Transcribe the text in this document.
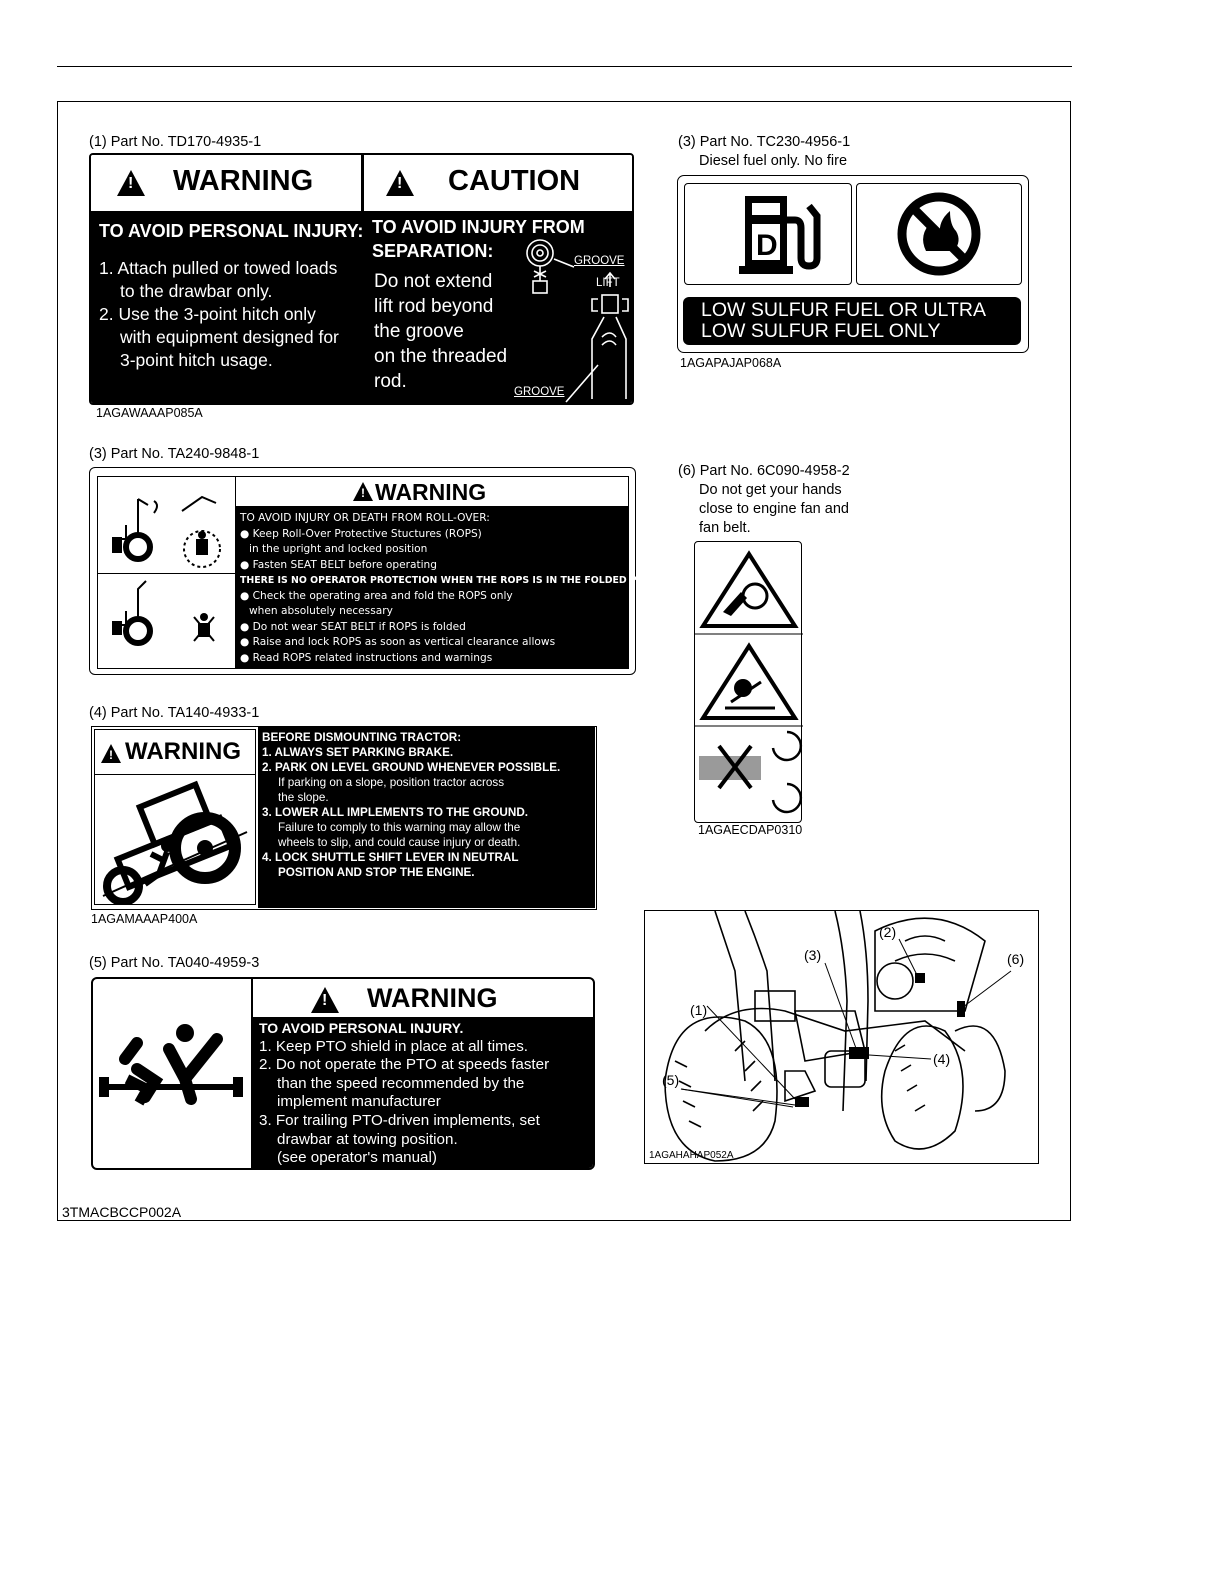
(1) Part No. TD170-4935-1
!
WARNING
!	CAUTION
TO AVOID PERSONAL INJURY:
1. Attach pulled or towed loads
to the drawbar only.
2. Use the 3-point hitch only
with equipment designed for
3-point hitch usage.
TO AVOID INJURY FROM
SEPARATION:
Do not extend
lift rod beyond
the groove
on the threaded
rod.
GROOVE
LIFT
GROOVE
1AGAWAAAP085A
(3) Part No. TC230-4956-1
Diesel fuel only. No fire
D
LOW SULFUR FUEL OR ULTRA
LOW SULFUR FUEL ONLY
1AGAPAJAP068A
(3) Part No. TA240-9848-1
!
WARNING
TO AVOID INJURY OR DEATH FROM ROLL-OVER:
● Keep Roll-Over Protective Stuctures (ROPS)
in the upright and locked position
● Fasten SEAT BELT before operating
THERE IS NO OPERATOR PROTECTION WHEN THE ROPS IS IN THE FOLDED POSITION:
● Check the operating area and fold the ROPS only
when absolutely necessary
● Do not wear SEAT BELT if ROPS is folded
● Raise and lock ROPS as soon as vertical clearance allows
● Read ROPS related instructions and warnings
(6) Part No. 6C090-4958-2
Do not get your hands
close to engine fan and
fan belt.
1AGAECDAP0310
(4) Part No. TA140-4933-1
!
WARNING
BEFORE DISMOUNTING TRACTOR:
1. ALWAYS SET PARKING BRAKE.
2. PARK ON LEVEL GROUND WHENEVER POSSIBLE.
If parking on a slope, position tractor across
the slope.
3. LOWER ALL IMPLEMENTS TO THE GROUND.
Failure to comply to this warning may allow the
wheels to slip, and could cause injury or death.
4. LOCK SHUTTLE SHIFT LEVER IN NEUTRAL
POSITION AND STOP THE ENGINE.
1AGAMAAAP400A
(5) Part No. TA040-4959-3
!
WARNING
TO AVOID PERSONAL INJURY.
1. Keep PTO shield in place at all times.
2. Do not operate the PTO at speeds faster
than the speed recommended by the
implement manufacturer
3. For trailing PTO-driven implements, set
drawbar at towing position.
(see operator's manual)
(1)
(2)
(3)
(4)
(5)
(6)
1AGAHAHAP052A
3TMACBCCP002A
